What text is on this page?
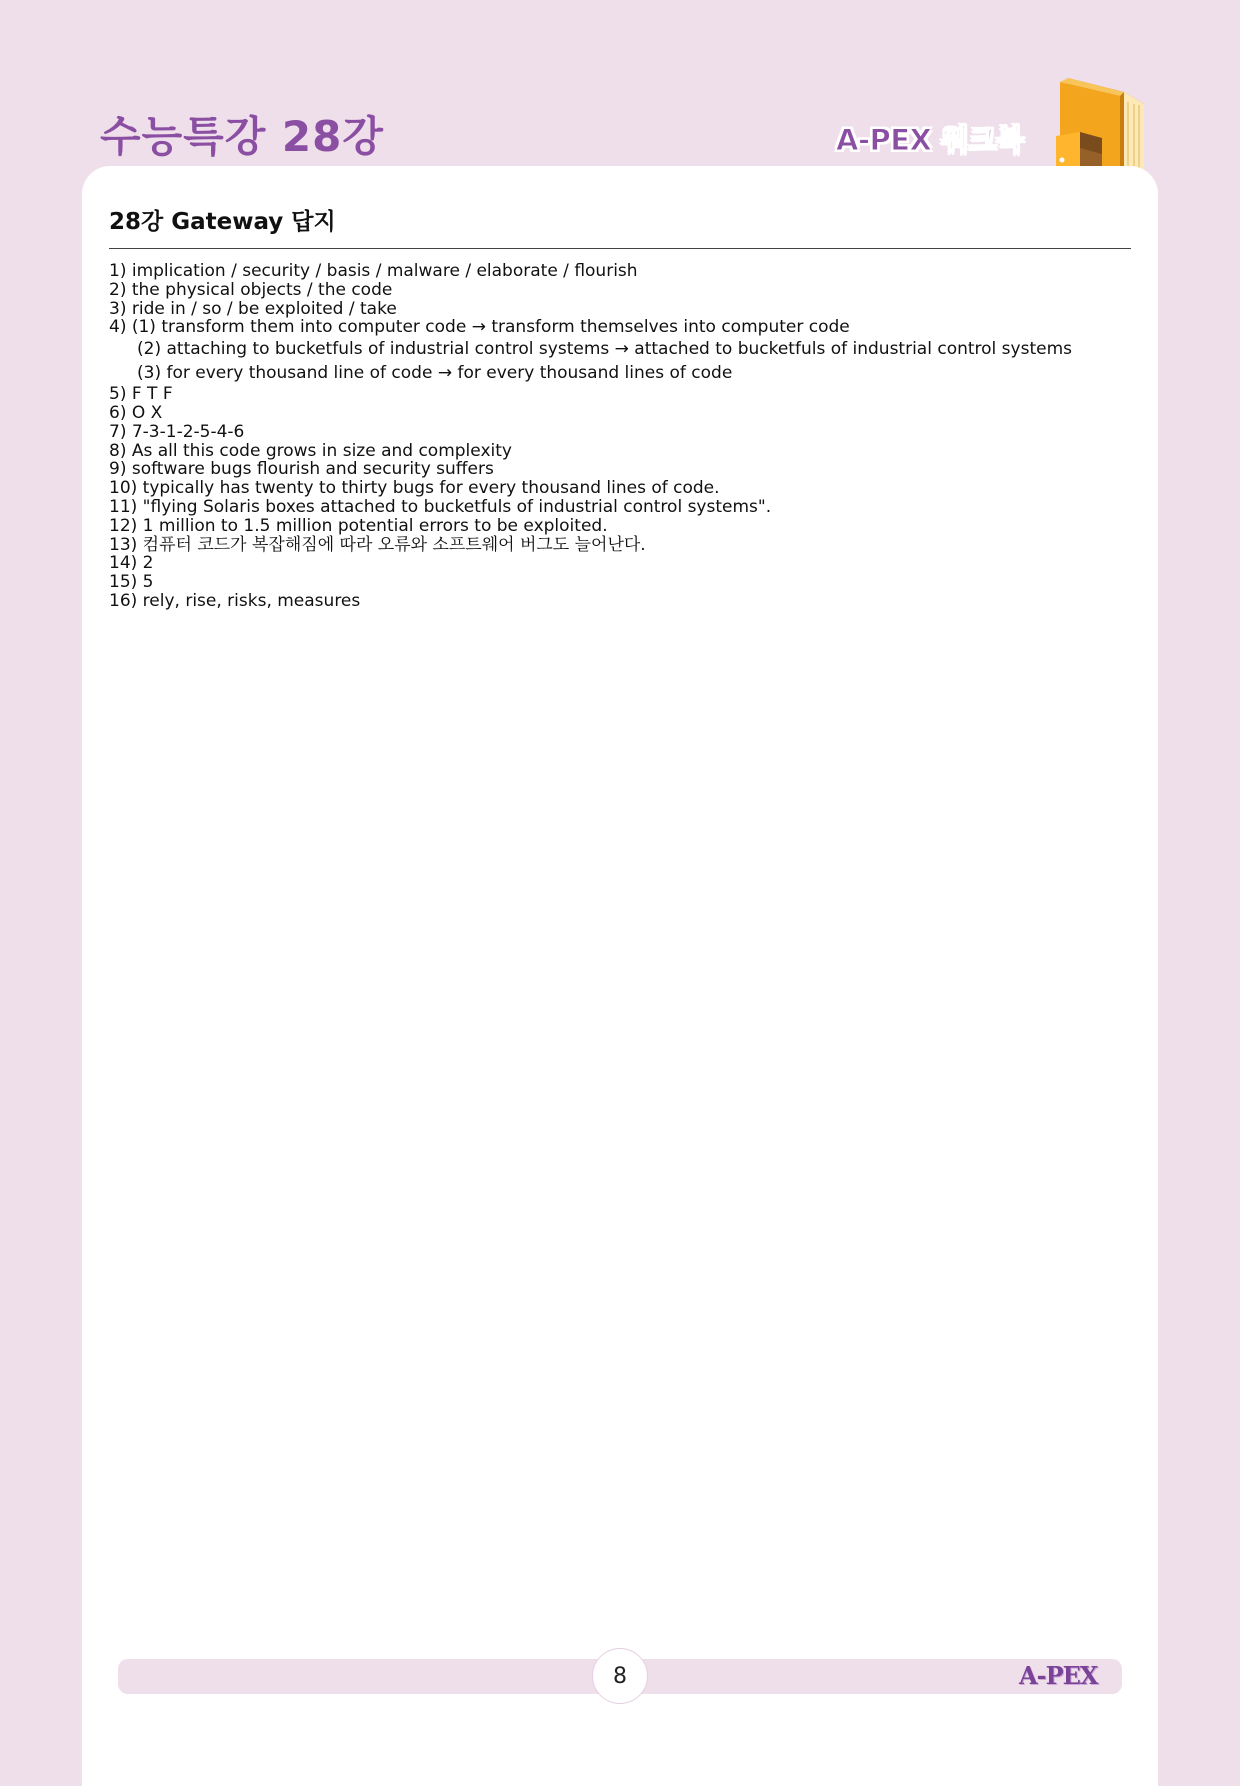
수능특강 28강	A-PEX 워크북
28강 Gateway 답지
1) implication / security / basis / malware / elaborate / flourish
2) the physical objects / the code
3) ride in / so / be exploited / take
4) (1) transform them into computer code → transform themselves into computer code
(2) attaching to bucketfuls of industrial control systems → attached to bucketfuls of industrial control systems
(3) for every thousand line of code → for every thousand lines of code
5) F T F
6) O X
7) 7-3-1-2-5-4-6
8) As all this code grows in size and complexity
9) software bugs flourish and security suffers
10) typically has twenty to thirty bugs for every thousand lines of code.
11) "flying Solaris boxes attached to bucketfuls of industrial control systems".
12) 1 million to 1.5 million potential errors to be exploited.
13) 컴퓨터 코드가 복잡해짐에 따라 오류와 소프트웨어 버그도 늘어난다.
14) 2
15) 5
16) rely, rise, risks, measures
8	A-PEX
